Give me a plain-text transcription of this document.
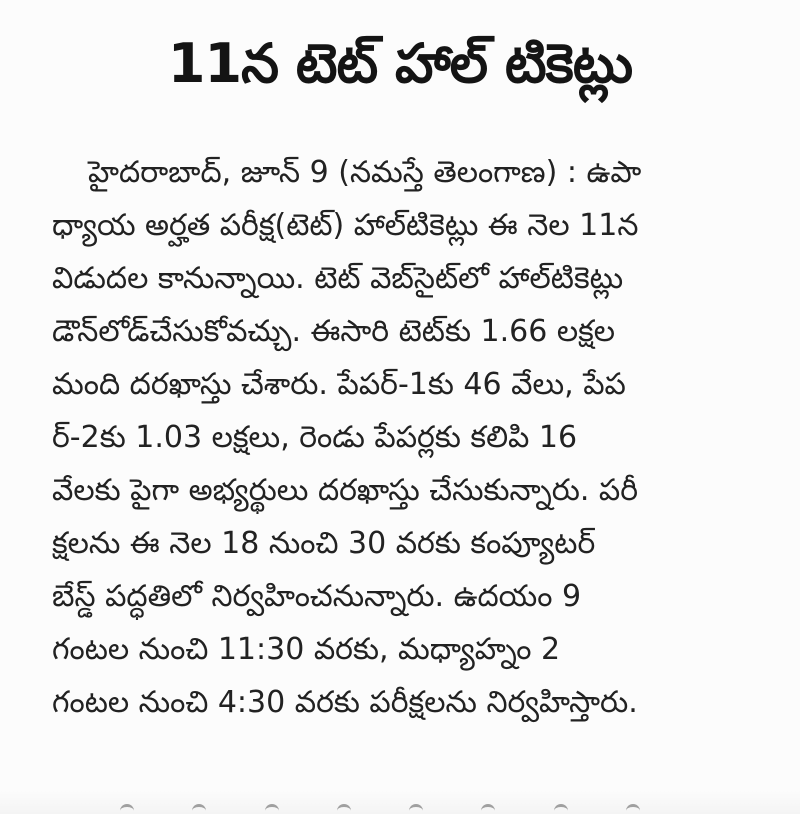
11న టెట్ హాల్ టికెట్లు
హైదరాబాద్, జూన్ 9 (నమస్తే తెలంగాణ) : ఉపా
ధ్యాయ అర్హత పరీక్ష(టెట్) హాల్‌టికెట్లు ఈ నెల 11న
విడుదల కానున్నాయి. టెట్ వెబ్‌సైట్‌లో హాల్‌టికెట్లు
డౌన్‌లోడ్‌చేసుకోవచ్చు. ఈసారి టెట్‌కు 1.66 లక్షల
మంది దరఖాస్తు చేశారు. పేపర్-1కు 46 వేలు, పేప
ర్-2కు 1.03 లక్షలు, రెండు పేపర్లకు కలిపి 16
వేలకు పైగా అభ్యర్థులు దరఖాస్తు చేసుకున్నారు. పరీ
క్షలను ఈ నెల 18 నుంచి 30 వరకు కంప్యూటర్
బేస్డ్ పద్ధతిలో నిర్వహించనున్నారు. ఉదయం 9
గంటల నుంచి 11:30 వరకు, మధ్యాహ్నం 2
గంటల నుంచి 4:30 వరకు పరీక్షలను నిర్వహిస్తారు.
